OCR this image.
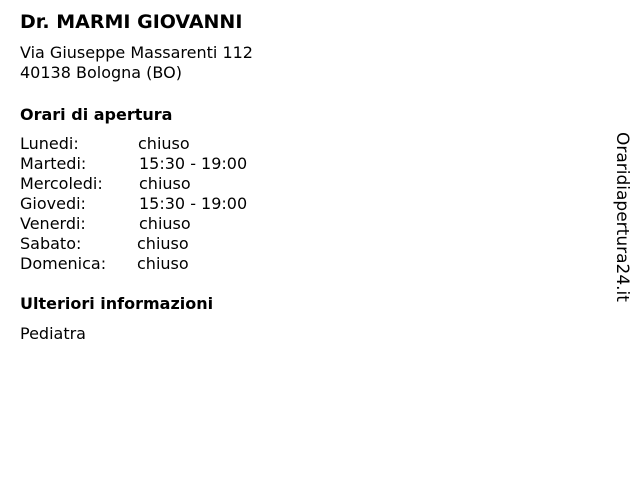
Dr. MARMI GIOVANNI
Via Giuseppe Massarenti 112
40138 Bologna (BO)
Orari di apertura
Lunedi:	chiuso
Martedi:	15:30 - 19:00
Mercoledi: chiuso
Giovedi:	15:30 - 19:00
Venerdi:	chiuso
Sabato:	chiuso
Domenica: chiuso
Ulteriori informazioni
Pediatra
Oraridiapertura24.it
